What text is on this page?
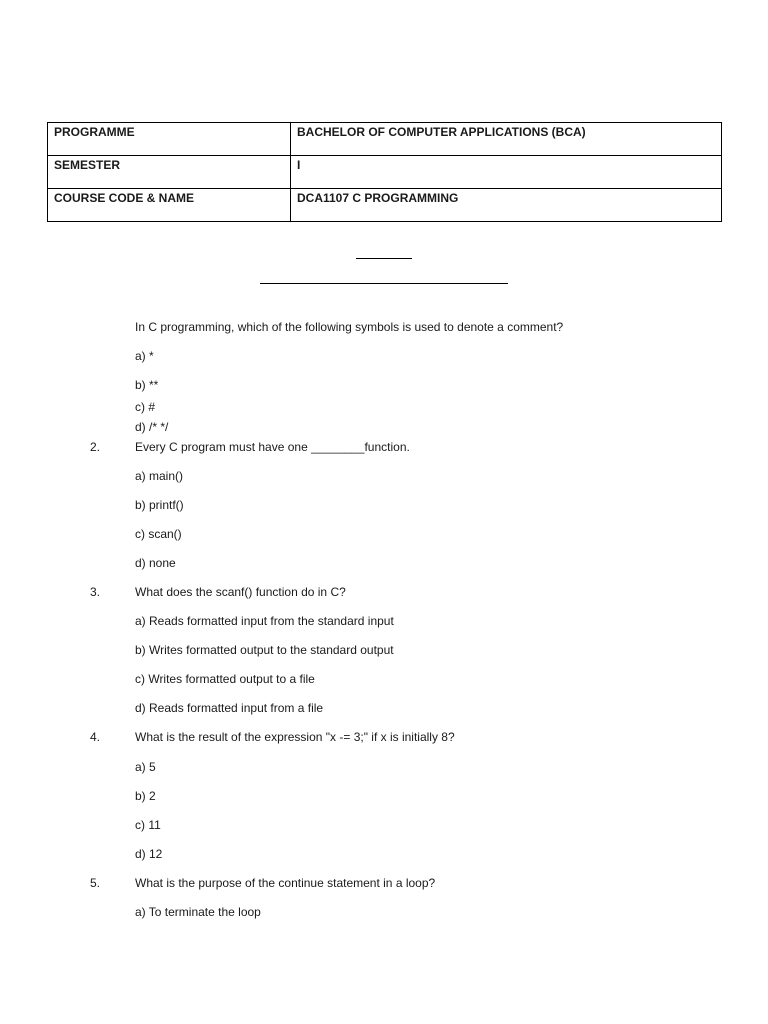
PROGRAMME	BACHELOR OF COMPUTER APPLICATIONS (BCA)
SEMESTER	I
COURSE CODE & NAME	DCA1107 C PROGRAMMING
In C programming, which of the following symbols is used to denote a comment?
a) *
b) **
c) #
d) /* */
2.	Every C program must have one ________function.
a) main()
b) printf()
c) scan()
d) none
3.	What does the scanf() function do in C?
a) Reads formatted input from the standard input
b) Writes formatted output to the standard output
c) Writes formatted output to a file
d) Reads formatted input from a file
4.	What is the result of the expression "x -= 3;" if x is initially 8?
a) 5
b) 2
c) 11
d) 12
5.	What is the purpose of the continue statement in a loop?
a) To terminate the loop
